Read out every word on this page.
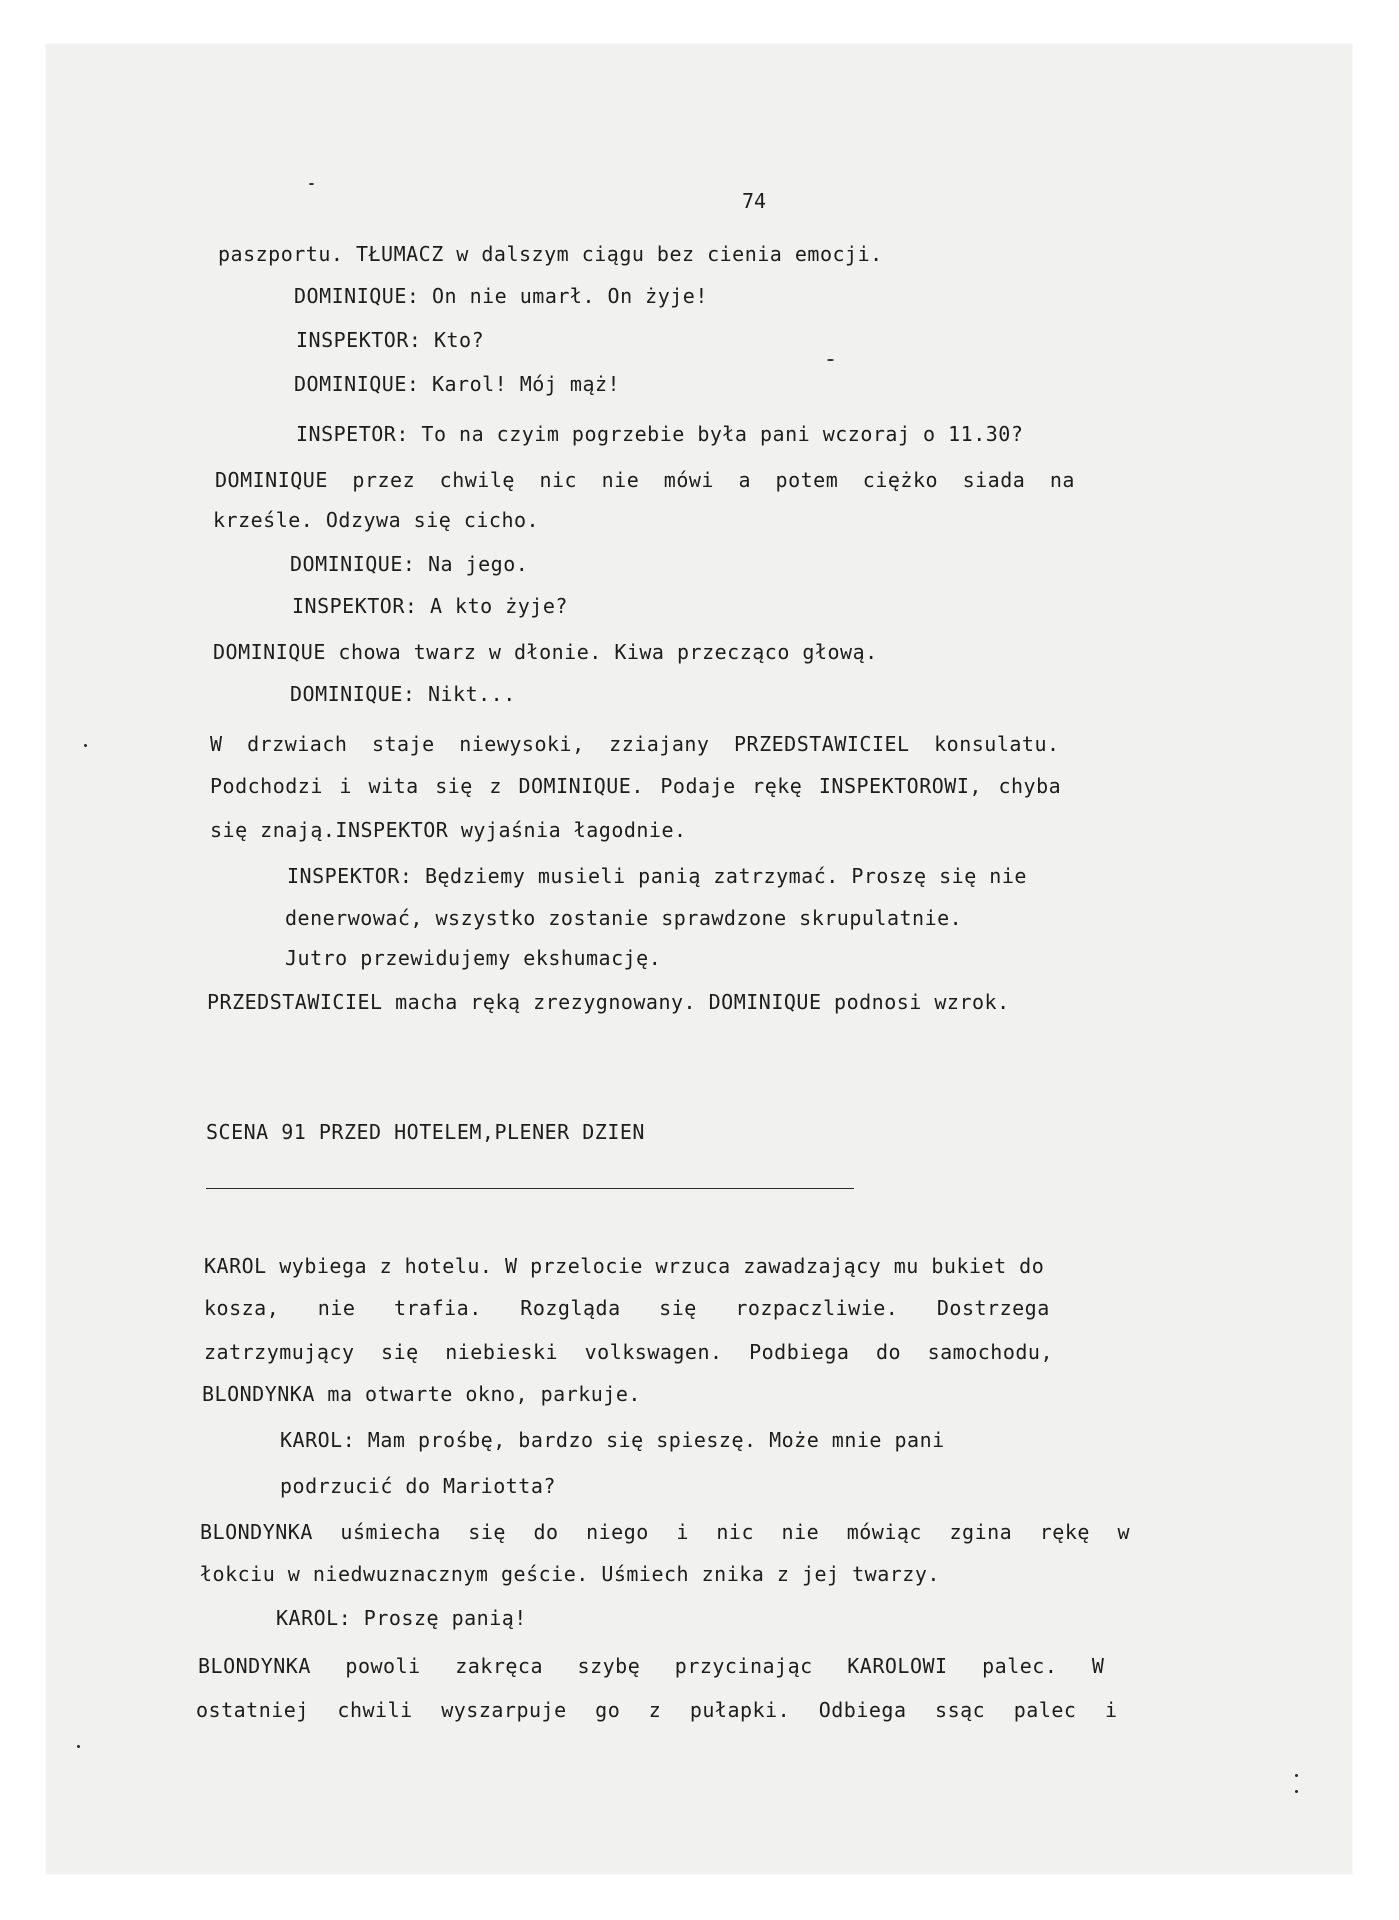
74
paszportu. TŁUMACZ w dalszym ciągu bez cienia emocji.
DOMINIQUE: On nie umarł. On żyje!
INSPEKTOR: Kto?
DOMINIQUE: Karol! Mój mąż!
INSPETOR: To na czyim pogrzebie była pani wczoraj o 11.30?
DOMINIQUE przez chwilę nic nie mówi a potem ciężko siada na
krześle. Odzywa się cicho.
DOMINIQUE: Na jego.
INSPEKTOR: A kto żyje?
DOMINIQUE chowa twarz w dłonie. Kiwa przecząco głową.
DOMINIQUE: Nikt...
W drzwiach staje niewysoki, zziajany PRZEDSTAWICIEL konsulatu.
Podchodzi i wita się z DOMINIQUE. Podaje rękę INSPEKTOROWI, chyba
się znają.INSPEKTOR wyjaśnia łagodnie.
INSPEKTOR: Będziemy musieli panią zatrzymać. Proszę się nie
denerwować, wszystko zostanie sprawdzone skrupulatnie.
Jutro przewidujemy ekshumację.
PRZEDSTAWICIEL macha ręką zrezygnowany. DOMINIQUE podnosi wzrok.
SCENA 91 PRZED HOTELEM,PLENER DZIEN
KAROL wybiega z hotelu. W przelocie wrzuca zawadzający mu bukiet do
kosza, nie trafia. Rozgląda się rozpaczliwie. Dostrzega
zatrzymujący się niebieski volkswagen. Podbiega do samochodu,
BLONDYNKA ma otwarte okno, parkuje.
KAROL: Mam prośbę, bardzo się spieszę. Może mnie pani
podrzucić do Mariotta?
BLONDYNKA uśmiecha się do niego i nic nie mówiąc zgina rękę w
łokciu w niedwuznacznym geście. Uśmiech znika z jej twarzy.
KAROL: Proszę panią!
BLONDYNKA powoli zakręca szybę przycinając KAROLOWI palec. W
ostatniej chwili wyszarpuje go z pułapki. Odbiega ssąc palec i
